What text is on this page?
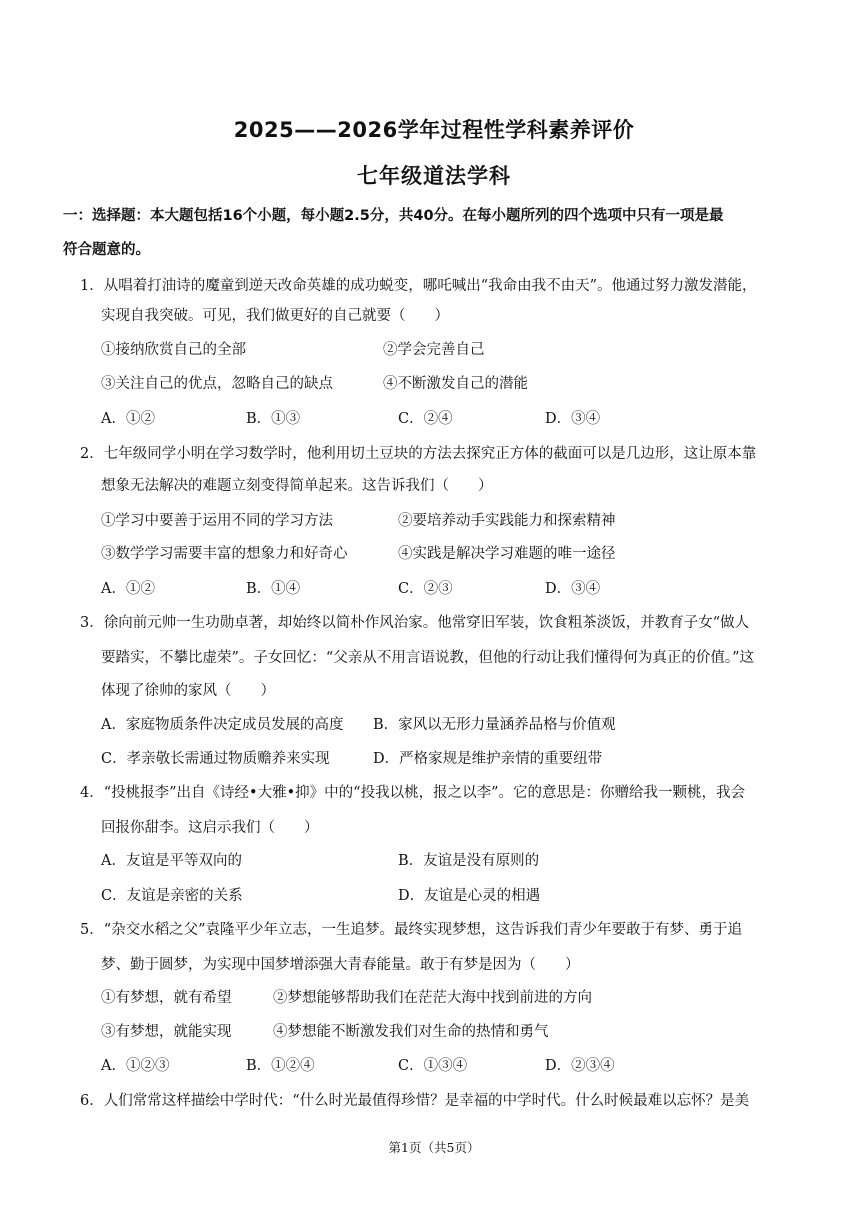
2025——2026学年过程性学科素养评价
七年级道法学科
一：选择题：本大题包括16个小题，每小题2.5分，共40分。在每小题所列的四个选项中只有一项是最
符合题意的。
1．从唱着打油诗的魔童到逆天改命英雄的成功蜕变，哪吒喊出“我命由我不由天”。他通过努力激发潜能，
实现自我突破。可见，我们做更好的自己就要（　　）
①接纳欣赏自己的全部	②学会完善自己
③关注自己的优点，忽略自己的缺点	④不断激发自己的潜能
A．①②	B．①③	C．②④	D．③④
2．七年级同学小明在学习数学时，他利用切土豆块的方法去探究正方体的截面可以是几边形，这让原本靠
想象无法解决的难题立刻变得简单起来。这告诉我们（　　）
①学习中要善于运用不同的学习方法	②要培养动手实践能力和探索精神
③数学学习需要丰富的想象力和好奇心	④实践是解决学习难题的唯一途径
A．①②	B．①④	C．②③	D．③④
3．徐向前元帅一生功勋卓著，却始终以简朴作风治家。他常穿旧军装，饮食粗茶淡饭，并教育子女“做人
要踏实，不攀比虚荣”。子女回忆：“父亲从不用言语说教，但他的行动让我们懂得何为真正的价值。”这
体现了徐帅的家风（　　）
A．家庭物质条件决定成员发展的高度 B．家风以无形力量涵养品格与价值观
C．孝亲敬长需通过物质赡养来实现	D．严格家规是维护亲情的重要纽带
4．“投桃报李”出自《诗经•大雅•抑》中的“投我以桃，报之以李”。它的意思是：你赠给我一颗桃，我会
回报你甜李。这启示我们（　　）
A．友谊是平等双向的	B．友谊是没有原则的
C．友谊是亲密的关系	D．友谊是心灵的相遇
5．“杂交水稻之父”袁隆平少年立志，一生追梦。最终实现梦想，这告诉我们青少年要敢于有梦、勇于追
梦、勤于圆梦，为实现中国梦增添强大青春能量。敢于有梦是因为（　　）
①有梦想，就有希望	②梦想能够帮助我们在茫茫大海中找到前进的方向
③有梦想，就能实现	④梦想能不断激发我们对生命的热情和勇气
A．①②③	B．①②④	C．①③④	D．②③④
6．人们常常这样描绘中学时代：“什么时光最值得珍惜？是幸福的中学时代。什么时候最难以忘怀？是美
第1页（共5页）
